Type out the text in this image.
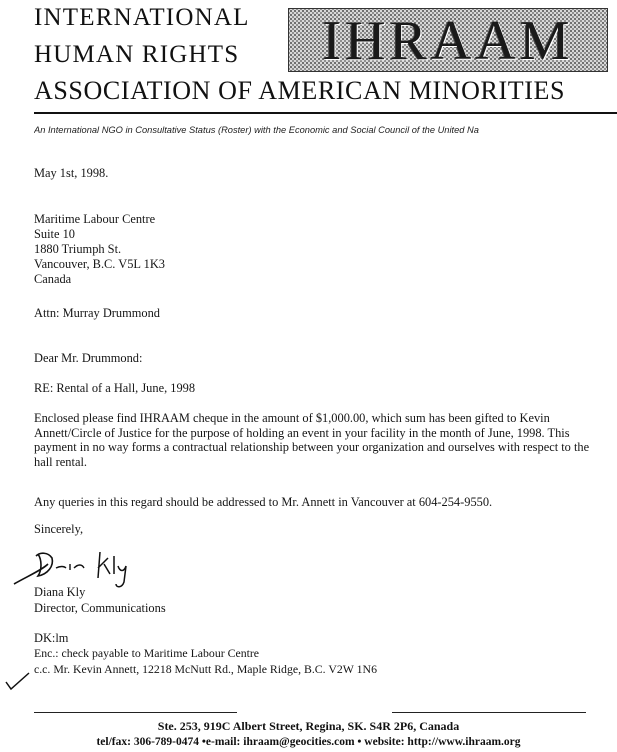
INTERNATIONAL
HUMAN RIGHTS
ASSOCIATION OF AMERICAN MINORITIES
IHRAAM
An International NGO in Consultative Status (Roster) with the Economic and Social Council of the United Na
May 1st, 1998.
Maritime Labour Centre
Suite 10
1880 Triumph St.
Vancouver, B.C. V5L 1K3
Canada
Attn: Murray Drummond
Dear Mr. Drummond:
RE: Rental of a Hall, June, 1998
Enclosed please find IHRAAM cheque in the amount of $1,000.00, which sum has been gifted to Kevin Annett/Circle of Justice for the purpose of holding an event in your facility in the month of June, 1998. This payment in no way forms a contractual relationship between your organization and ourselves with respect to the hall rental.
Any queries in this regard should be addressed to Mr. Annett in Vancouver at 604-254-9550.
Sincerely,
Diana Kly
Director, Communications
DK:lm
Enc.: check payable to Maritime Labour Centre
c.c. Mr. Kevin Annett, 12218 McNutt Rd., Maple Ridge, B.C. V2W 1N6
Ste. 253, 919C Albert Street, Regina, SK. S4R 2P6, Canada
tel/fax: 306-789-0474 •e-mail: ihraam@geocities.com • website: http://www.ihraam.org
